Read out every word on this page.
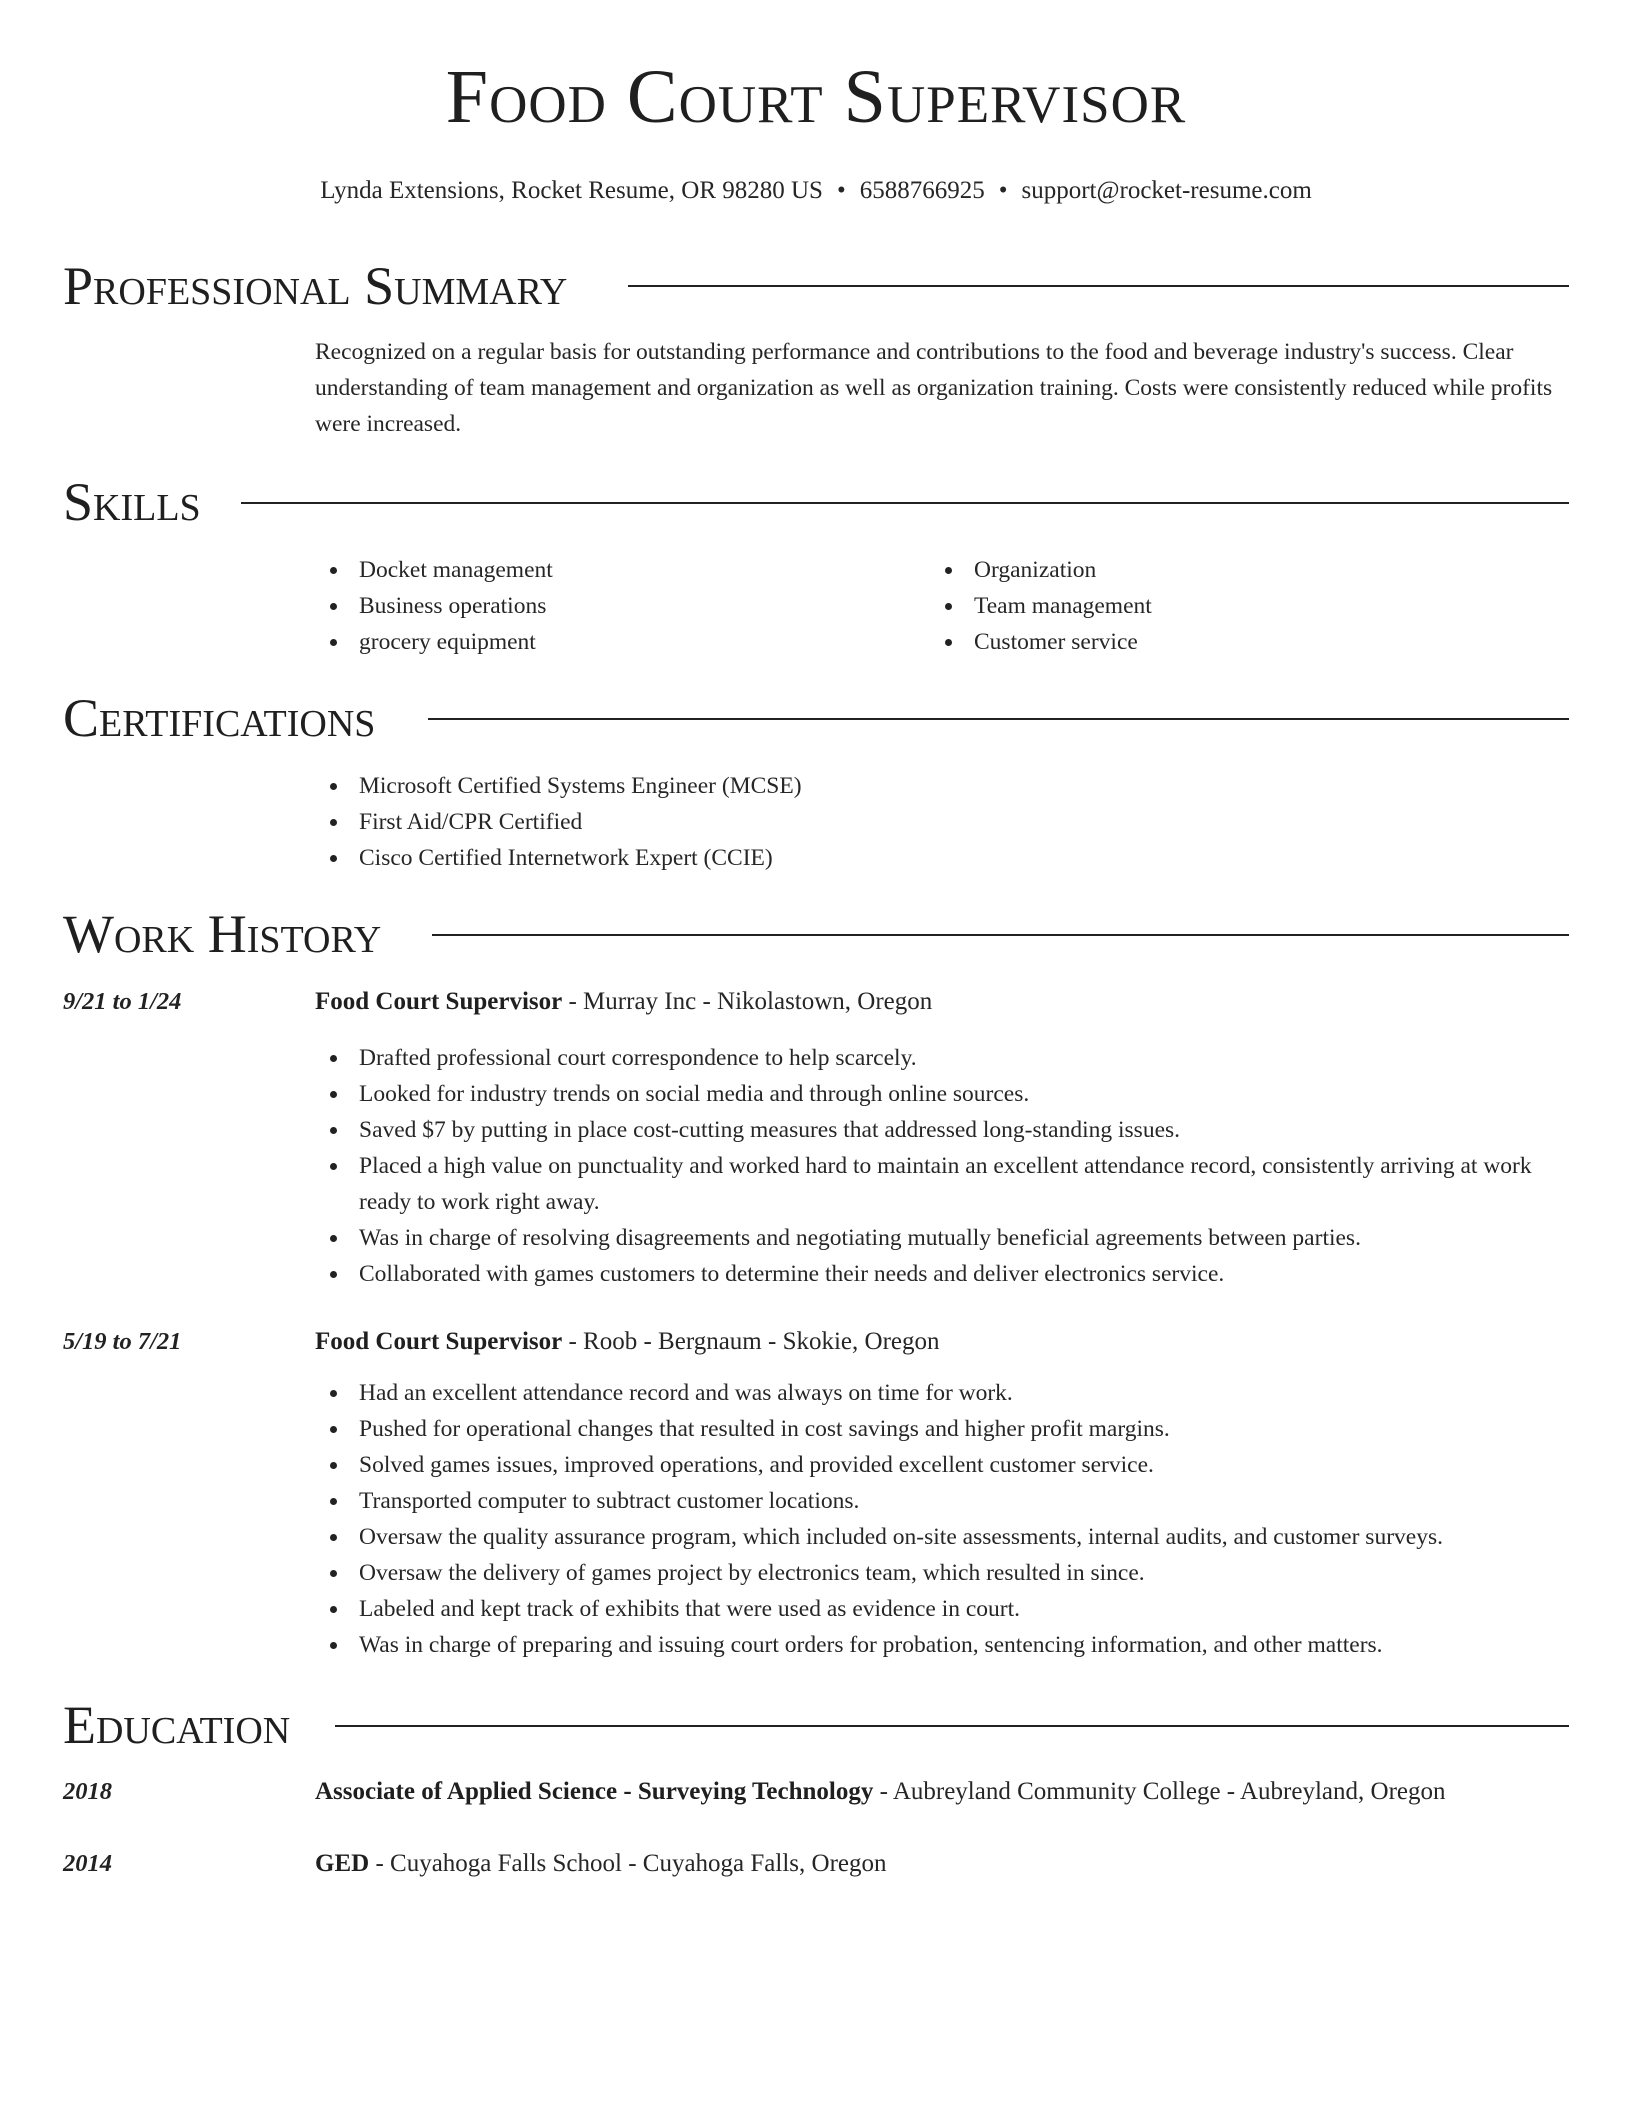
Food Court Supervisor
Lynda Extensions, Rocket Resume, OR 98280 US • 6588766925 • support@rocket-resume.com
Professional Summary
Recognized on a regular basis for outstanding performance and contributions to the food and beverage industry's success. Clear understanding of team management and organization as well as organization training. Costs were consistently reduced while profits were increased.
Skills
Docket management
Business operations
grocery equipment
Organization
Team management
Customer service
Certifications
Microsoft Certified Systems Engineer (MCSE)
First Aid/CPR Certified
Cisco Certified Internetwork Expert (CCIE)
Work History
9/21 to 1/24	Food Court Supervisor - Murray Inc - Nikolastown, Oregon
Drafted professional court correspondence to help scarcely.
Looked for industry trends on social media and through online sources.
Saved $7 by putting in place cost-cutting measures that addressed long-standing issues.
Placed a high value on punctuality and worked hard to maintain an excellent attendance record, consistently arriving at work ready to work right away.
Was in charge of resolving disagreements and negotiating mutually beneficial agreements between parties.
Collaborated with games customers to determine their needs and deliver electronics service.
5/19 to 7/21	Food Court Supervisor - Roob - Bergnaum - Skokie, Oregon
Had an excellent attendance record and was always on time for work.
Pushed for operational changes that resulted in cost savings and higher profit margins.
Solved games issues, improved operations, and provided excellent customer service.
Transported computer to subtract customer locations.
Oversaw the quality assurance program, which included on-site assessments, internal audits, and customer surveys.
Oversaw the delivery of games project by electronics team, which resulted in since.
Labeled and kept track of exhibits that were used as evidence in court.
Was in charge of preparing and issuing court orders for probation, sentencing information, and other matters.
Education
2018	Associate of Applied Science - Surveying Technology - Aubreyland Community College - Aubreyland, Oregon
2014	GED - Cuyahoga Falls School - Cuyahoga Falls, Oregon
